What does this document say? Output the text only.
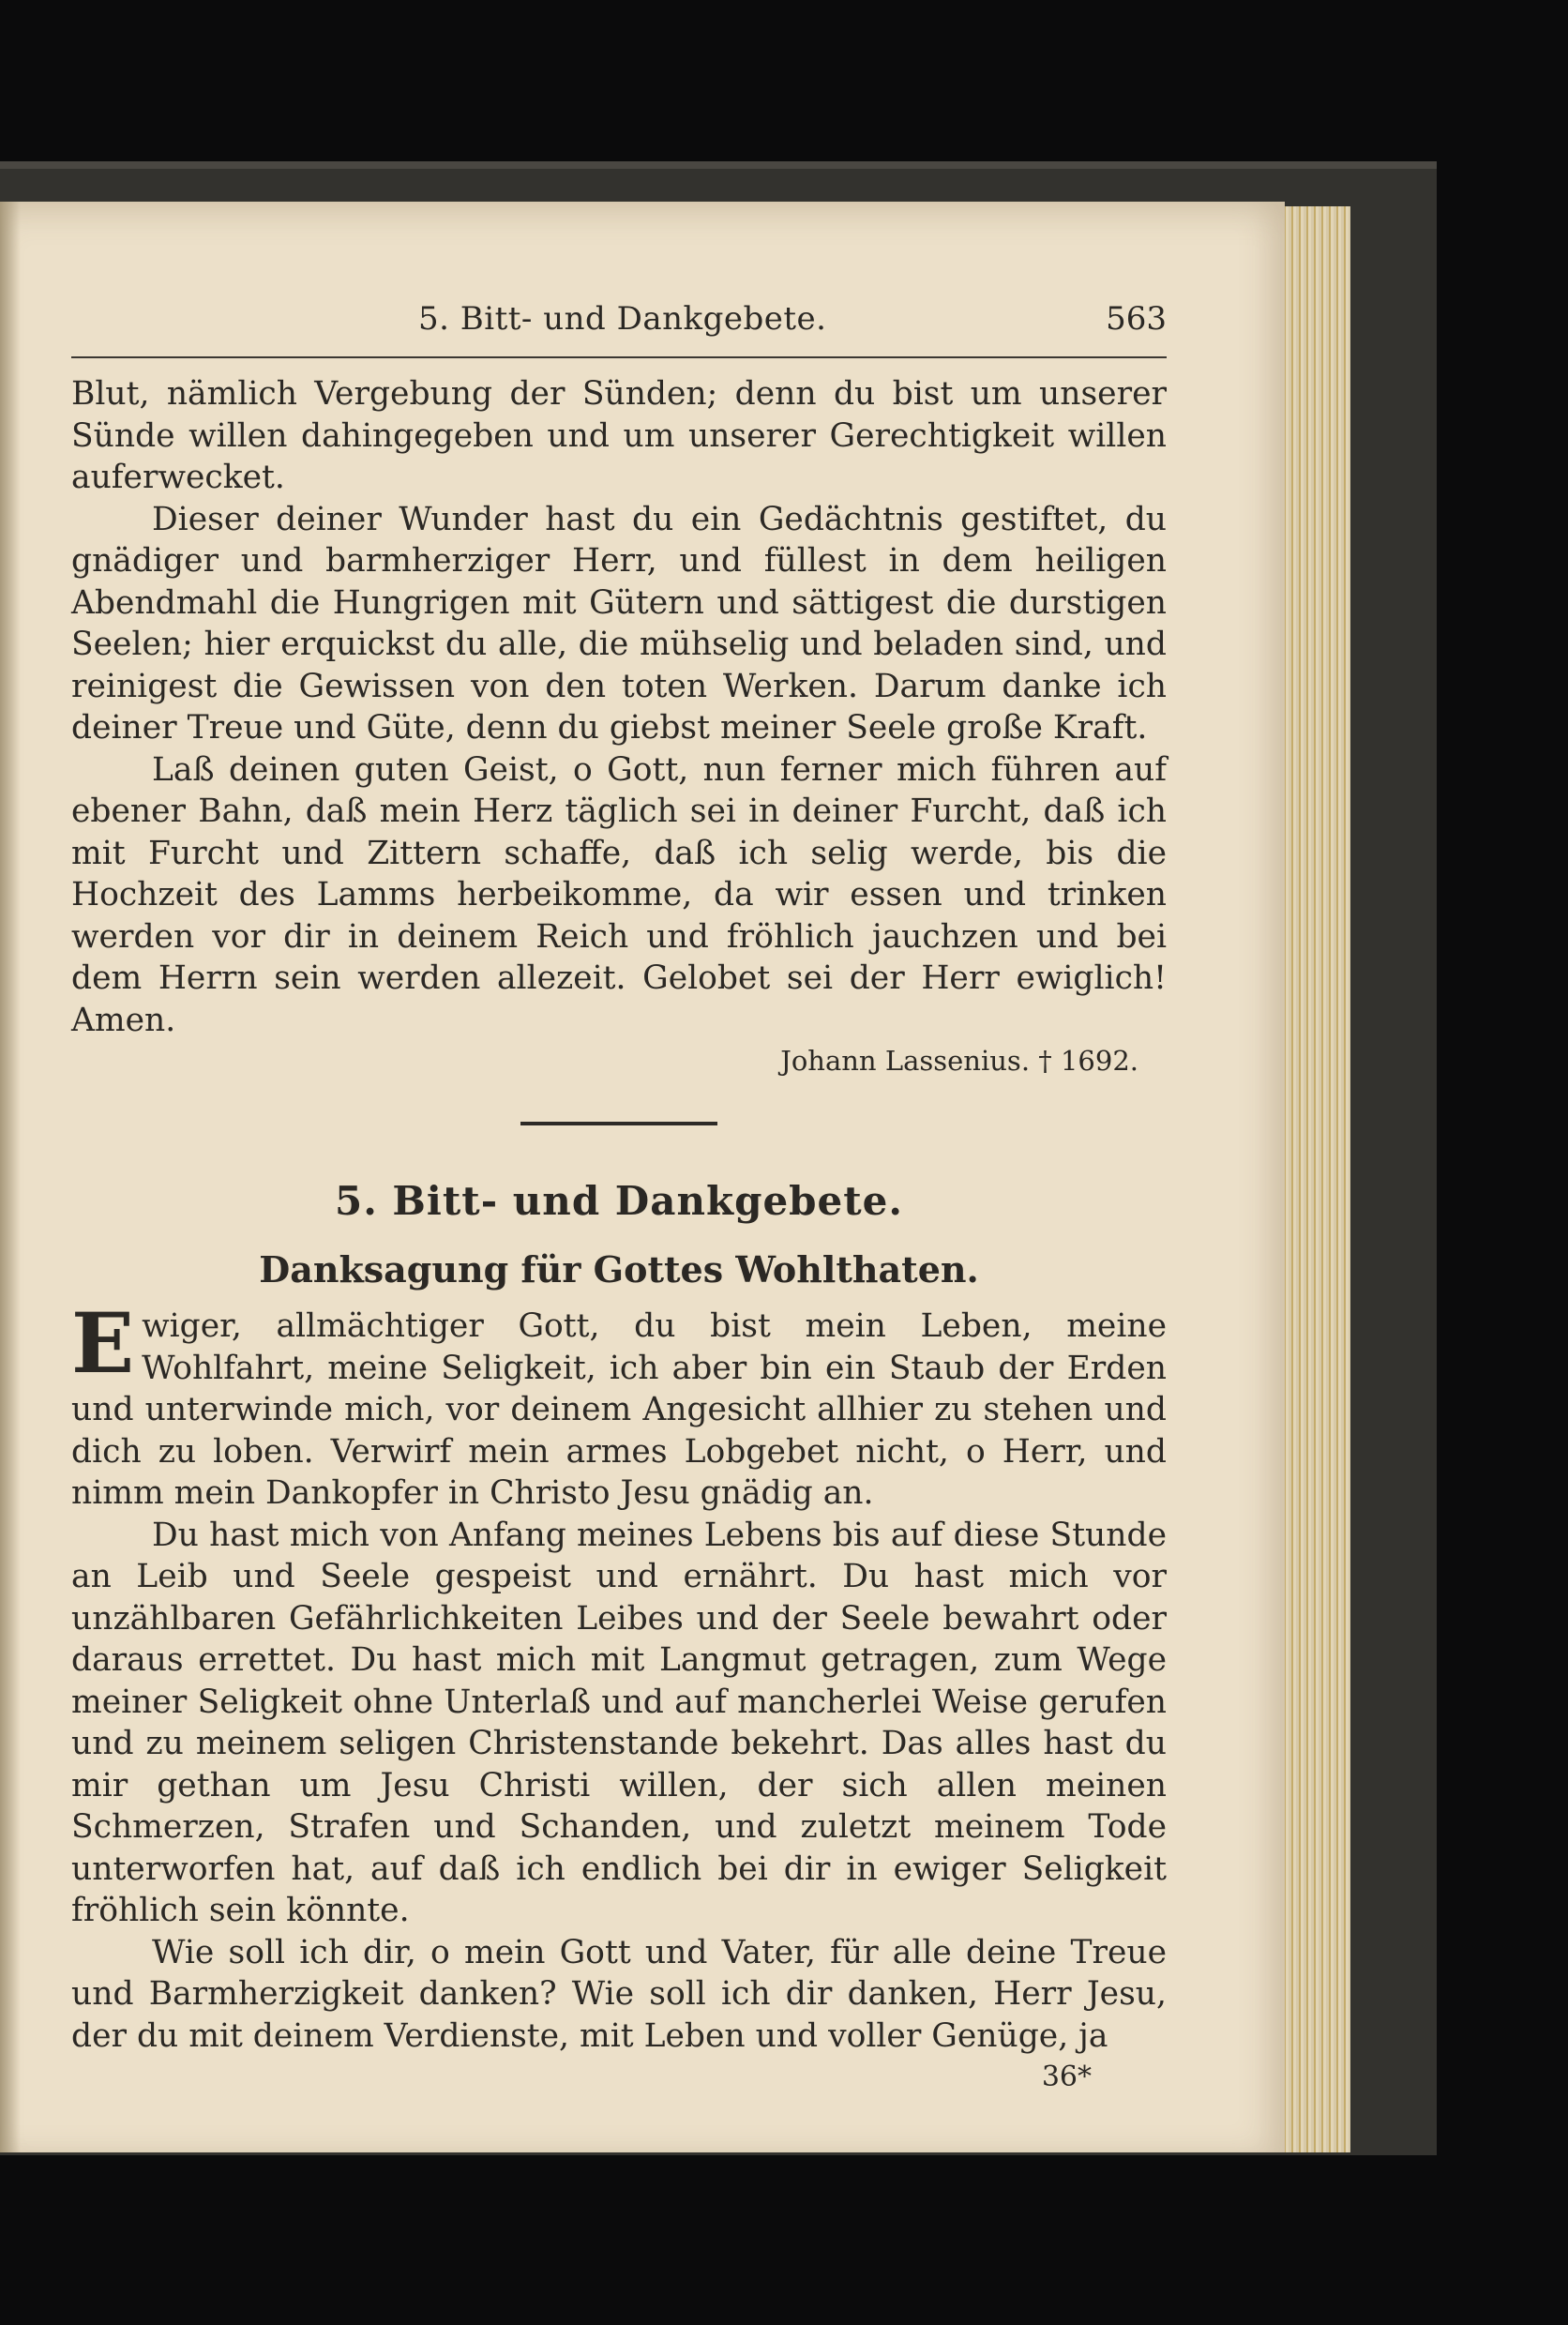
5. Bitt- und Dankgebete.	563

Blut, nämlich Vergebung der Sünden; denn du bist um unserer Sünde willen dahingegeben und um unserer Gerechtigkeit willen auferwecket.

Dieser deiner Wunder hast du ein Gedächtnis gestiftet, du gnädiger und barmherziger Herr, und füllest in dem heiligen Abendmahl die Hungrigen mit Gütern und sättigest die durstigen Seelen; hier erquickst du alle, die mühselig und beladen sind, und reinigest die Gewissen von den toten Werken. Darum danke ich deiner Treue und Güte, denn du giebst meiner Seele große Kraft.

Laß deinen guten Geist, o Gott, nun ferner mich führen auf ebener Bahn, daß mein Herz täglich sei in deiner Furcht, daß ich mit Furcht und Zittern schaffe, daß ich selig werde, bis die Hochzeit des Lamms herbeikomme, da wir essen und trinken werden vor dir in deinem Reich und fröhlich jauchzen und bei dem Herrn sein werden allezeit. Gelobet sei der Herr ewiglich! Amen.

Johann Lassenius. † 1692.
5. Bitt- und Dankgebete.
Danksagung für Gottes Wohlthaten.

Ewiger, allmächtiger Gott, du bist mein Leben, meine Wohlfahrt, meine Seligkeit, ich aber bin ein Staub der Erden und unterwinde mich, vor deinem Angesicht allhier zu stehen und dich zu loben. Verwirf mein armes Lobgebet nicht, o Herr, und nimm mein Dankopfer in Christo Jesu gnädig an.

Du hast mich von Anfang meines Lebens bis auf diese Stunde an Leib und Seele gespeist und ernährt. Du hast mich vor unzählbaren Gefährlichkeiten Leibes und der Seele bewahrt oder daraus errettet. Du hast mich mit Langmut getragen, zum Wege meiner Seligkeit ohne Unterlaß und auf mancherlei Weise gerufen und zu meinem seligen Christenstande bekehrt. Das alles hast du mir gethan um Jesu Christi willen, der sich allen meinen Schmerzen, Strafen und Schanden, und zuletzt meinem Tode unterworfen hat, auf daß ich endlich bei dir in ewiger Seligkeit fröhlich sein könnte.

Wie soll ich dir, o mein Gott und Vater, für alle deine Treue und Barmherzigkeit danken? Wie soll ich dir danken, Herr Jesu, der du mit deinem Verdienste, mit Leben und voller Genüge, ja

36*
